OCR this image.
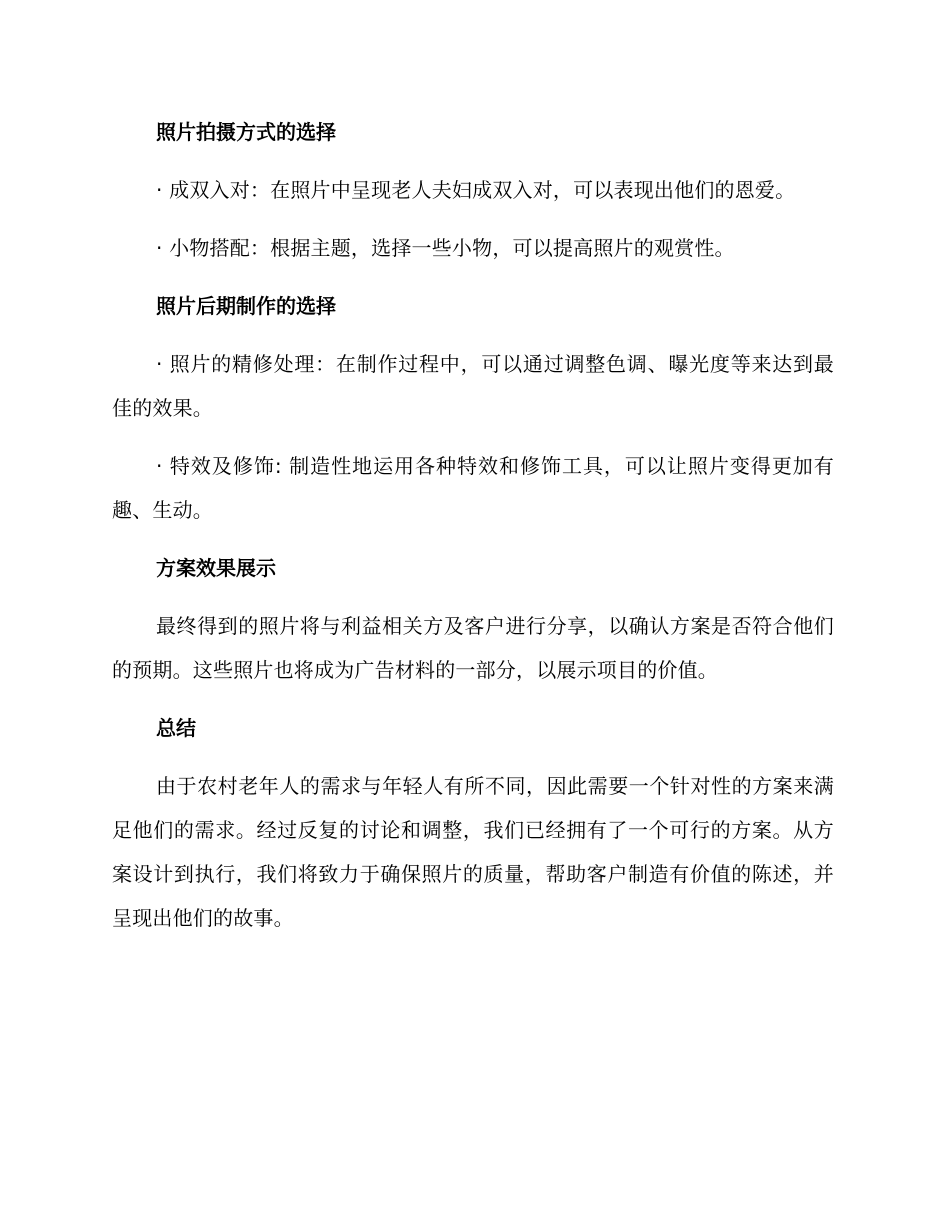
照片拍摄方式的选择
· 成双入对：在照片中呈现老人夫妇成双入对，可以表现出他们的恩爱。
· 小物搭配：根据主题，选择一些小物，可以提高照片的观赏性。
照片后期制作的选择
· 照片的精修处理：在制作过程中，可以通过调整色调、曝光度等来达到最佳的效果。
· 特效及修饰: 制造性地运用各种特效和修饰工具，可以让照片变得更加有趣、生动。
方案效果展示
最终得到的照片将与利益相关方及客户进行分享，以确认方案是否符合他们的预期。这些照片也将成为广告材料的一部分，以展示项目的价值。
总结
由于农村老年人的需求与年轻人有所不同，因此需要一个针对性的方案来满足他们的需求。经过反复的讨论和调整，我们已经拥有了一个可行的方案。从方案设计到执行，我们将致力于确保照片的质量，帮助客户制造有价值的陈述，并呈现出他们的故事。
